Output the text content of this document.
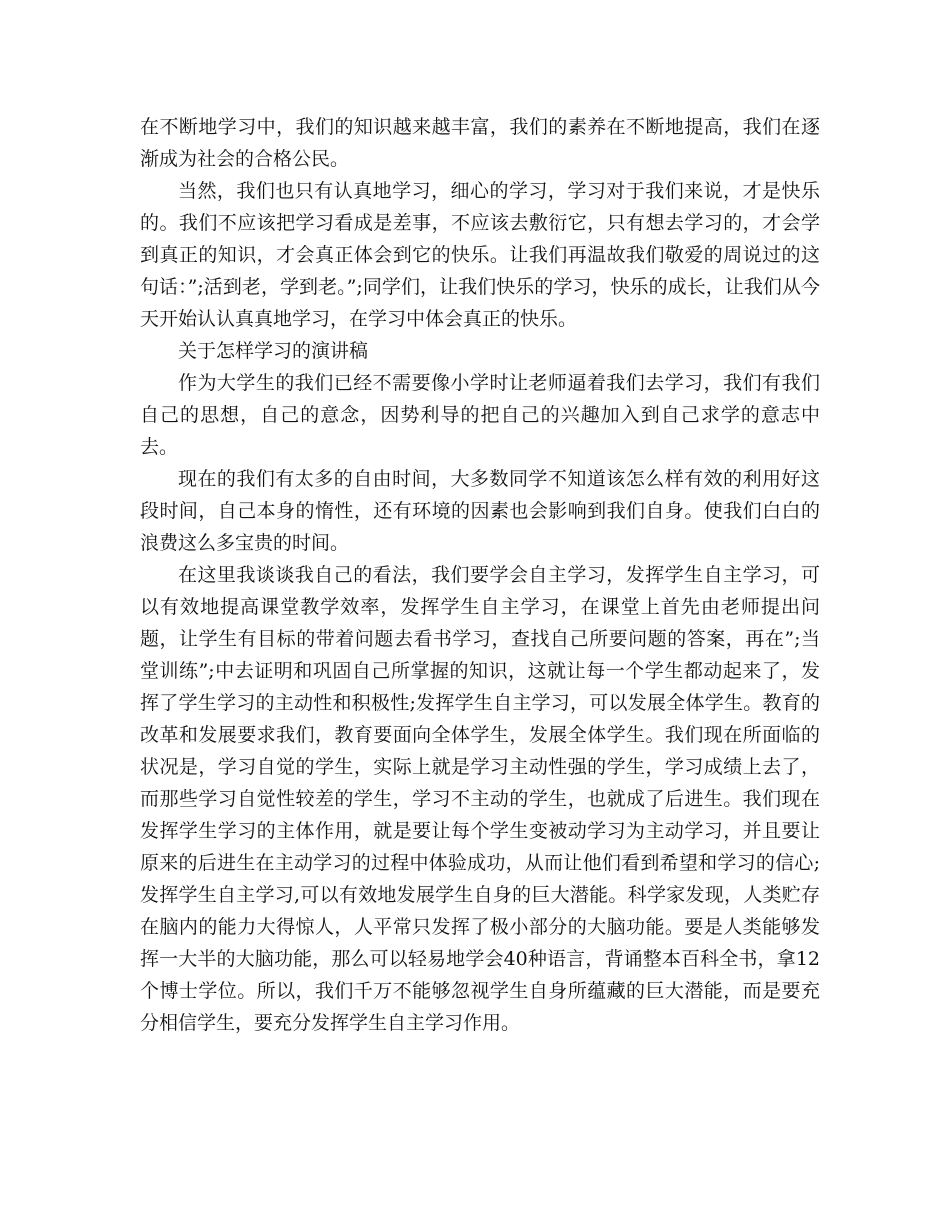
在不断地学习中，我们的知识越来越丰富，我们的素养在不断地提高，我们在逐渐成为社会的合格公民。

当然，我们也只有认真地学习，细心的学习，学习对于我们来说，才是快乐的。我们不应该把学习看成是差事，不应该去敷衍它，只有想去学习的，才会学到真正的知识，才会真正体会到它的快乐。让我们再温故我们敬爱的周说过的这句话：”;活到老，学到老。”;同学们，让我们快乐的学习，快乐的成长，让我们从今天开始认认真真地学习，在学习中体会真正的快乐。

关于怎样学习的演讲稿

作为大学生的我们已经不需要像小学时让老师逼着我们去学习，我们有我们自己的思想，自己的意念，因势利导的把自己的兴趣加入到自己求学的意志中去。

现在的我们有太多的自由时间，大多数同学不知道该怎么样有效的利用好这段时间，自己本身的惰性，还有环境的因素也会影响到我们自身。使我们白白的浪费这么多宝贵的时间。

在这里我谈谈我自己的看法，我们要学会自主学习，发挥学生自主学习，可以有效地提高课堂教学效率，发挥学生自主学习，在课堂上首先由老师提出问题，让学生有目标的带着问题去看书学习，查找自己所要问题的答案，再在”;当堂训练”;中去证明和巩固自己所掌握的知识，这就让每一个学生都动起来了，发挥了学生学习的主动性和积极性;发挥学生自主学习，可以发展全体学生。教育的改革和发展要求我们，教育要面向全体学生，发展全体学生。我们现在所面临的状况是，学习自觉的学生，实际上就是学习主动性强的学生，学习成绩上去了，而那些学习自觉性较差的学生，学习不主动的学生，也就成了后进生。我们现在发挥学生学习的主体作用，就是要让每个学生变被动学习为主动学习，并且要让原来的后进生在主动学习的过程中体验成功，从而让他们看到希望和学习的信心;发挥学生自主学习,可以有效地发展学生自身的巨大潜能。科学家发现，人类贮存在脑内的能力大得惊人，人平常只发挥了极小部分的大脑功能。要是人类能够发挥一大半的大脑功能，那么可以轻易地学会40种语言，背诵整本百科全书，拿12个博士学位。所以，我们千万不能够忽视学生自身所蕴藏的巨大潜能，而是要充分相信学生，要充分发挥学生自主学习作用。
